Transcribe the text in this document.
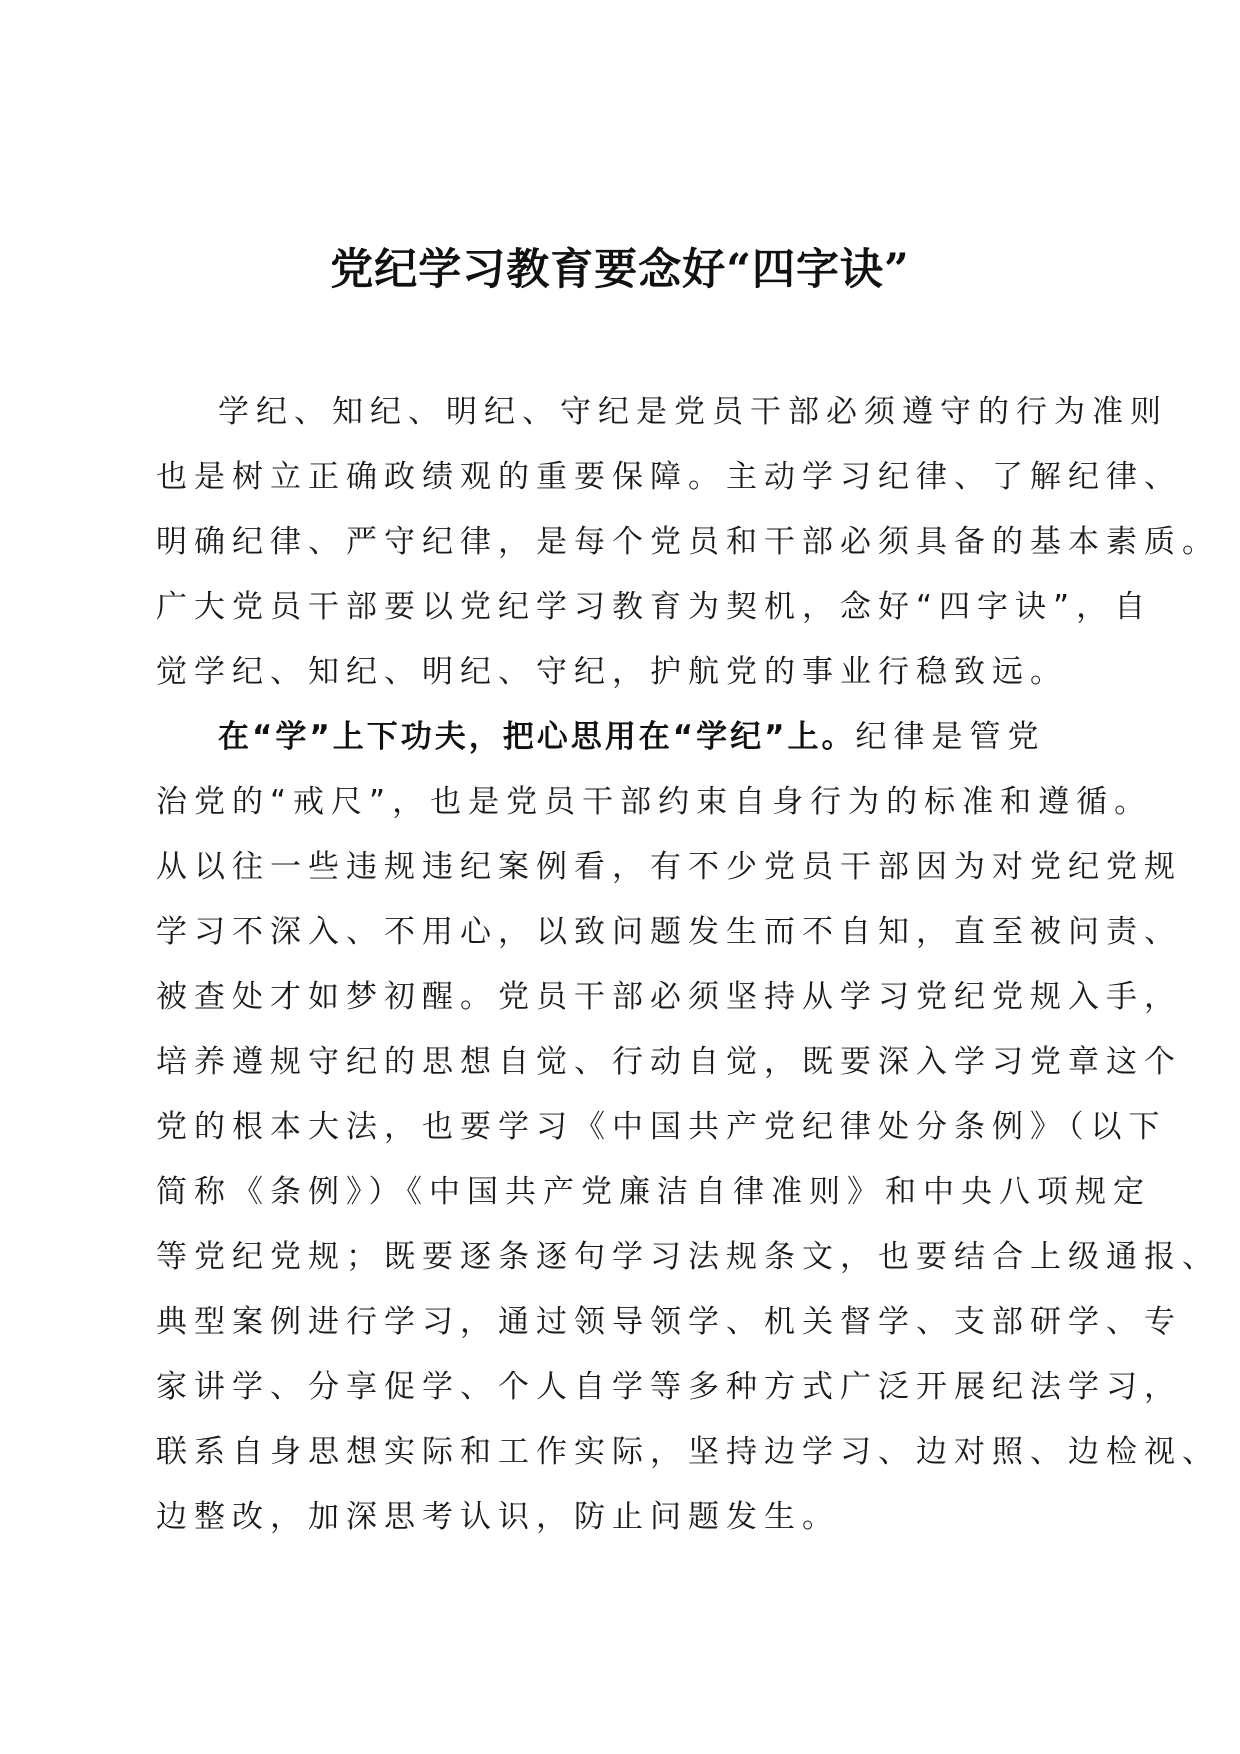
党纪学习教育要念好“四字诀”
学纪、知纪、明纪、守纪是党员干部必须遵守的行为准则
也是树立正确政绩观的重要保障。主动学习纪律、了解纪律、
明确纪律、严守纪律，是每个党员和干部必须具备的基本素质。
广大党员干部要以党纪学习教育为契机，念好“四字诀”，自
觉学纪、知纪、明纪、守纪，护航党的事业行稳致远。
在“学”上下功夫，把心思用在“学纪”上。纪律是管党
治党的“戒尺”，也是党员干部约束自身行为的标准和遵循。
从以往一些违规违纪案例看，有不少党员干部因为对党纪党规
学习不深入、不用心，以致问题发生而不自知，直至被问责、
被查处才如梦初醒。党员干部必须坚持从学习党纪党规入手，
培养遵规守纪的思想自觉、行动自觉，既要深入学习党章这个
党的根本大法，也要学习《中国共产党纪律处分条例》（以下
简称《条例》）《中国共产党廉洁自律准则》和中央八项规定
等党纪党规；既要逐条逐句学习法规条文，也要结合上级通报、
典型案例进行学习，通过领导领学、机关督学、支部研学、专
家讲学、分享促学、个人自学等多种方式广泛开展纪法学习，
联系自身思想实际和工作实际，坚持边学习、边对照、边检视、
边整改，加深思考认识，防止问题发生。
